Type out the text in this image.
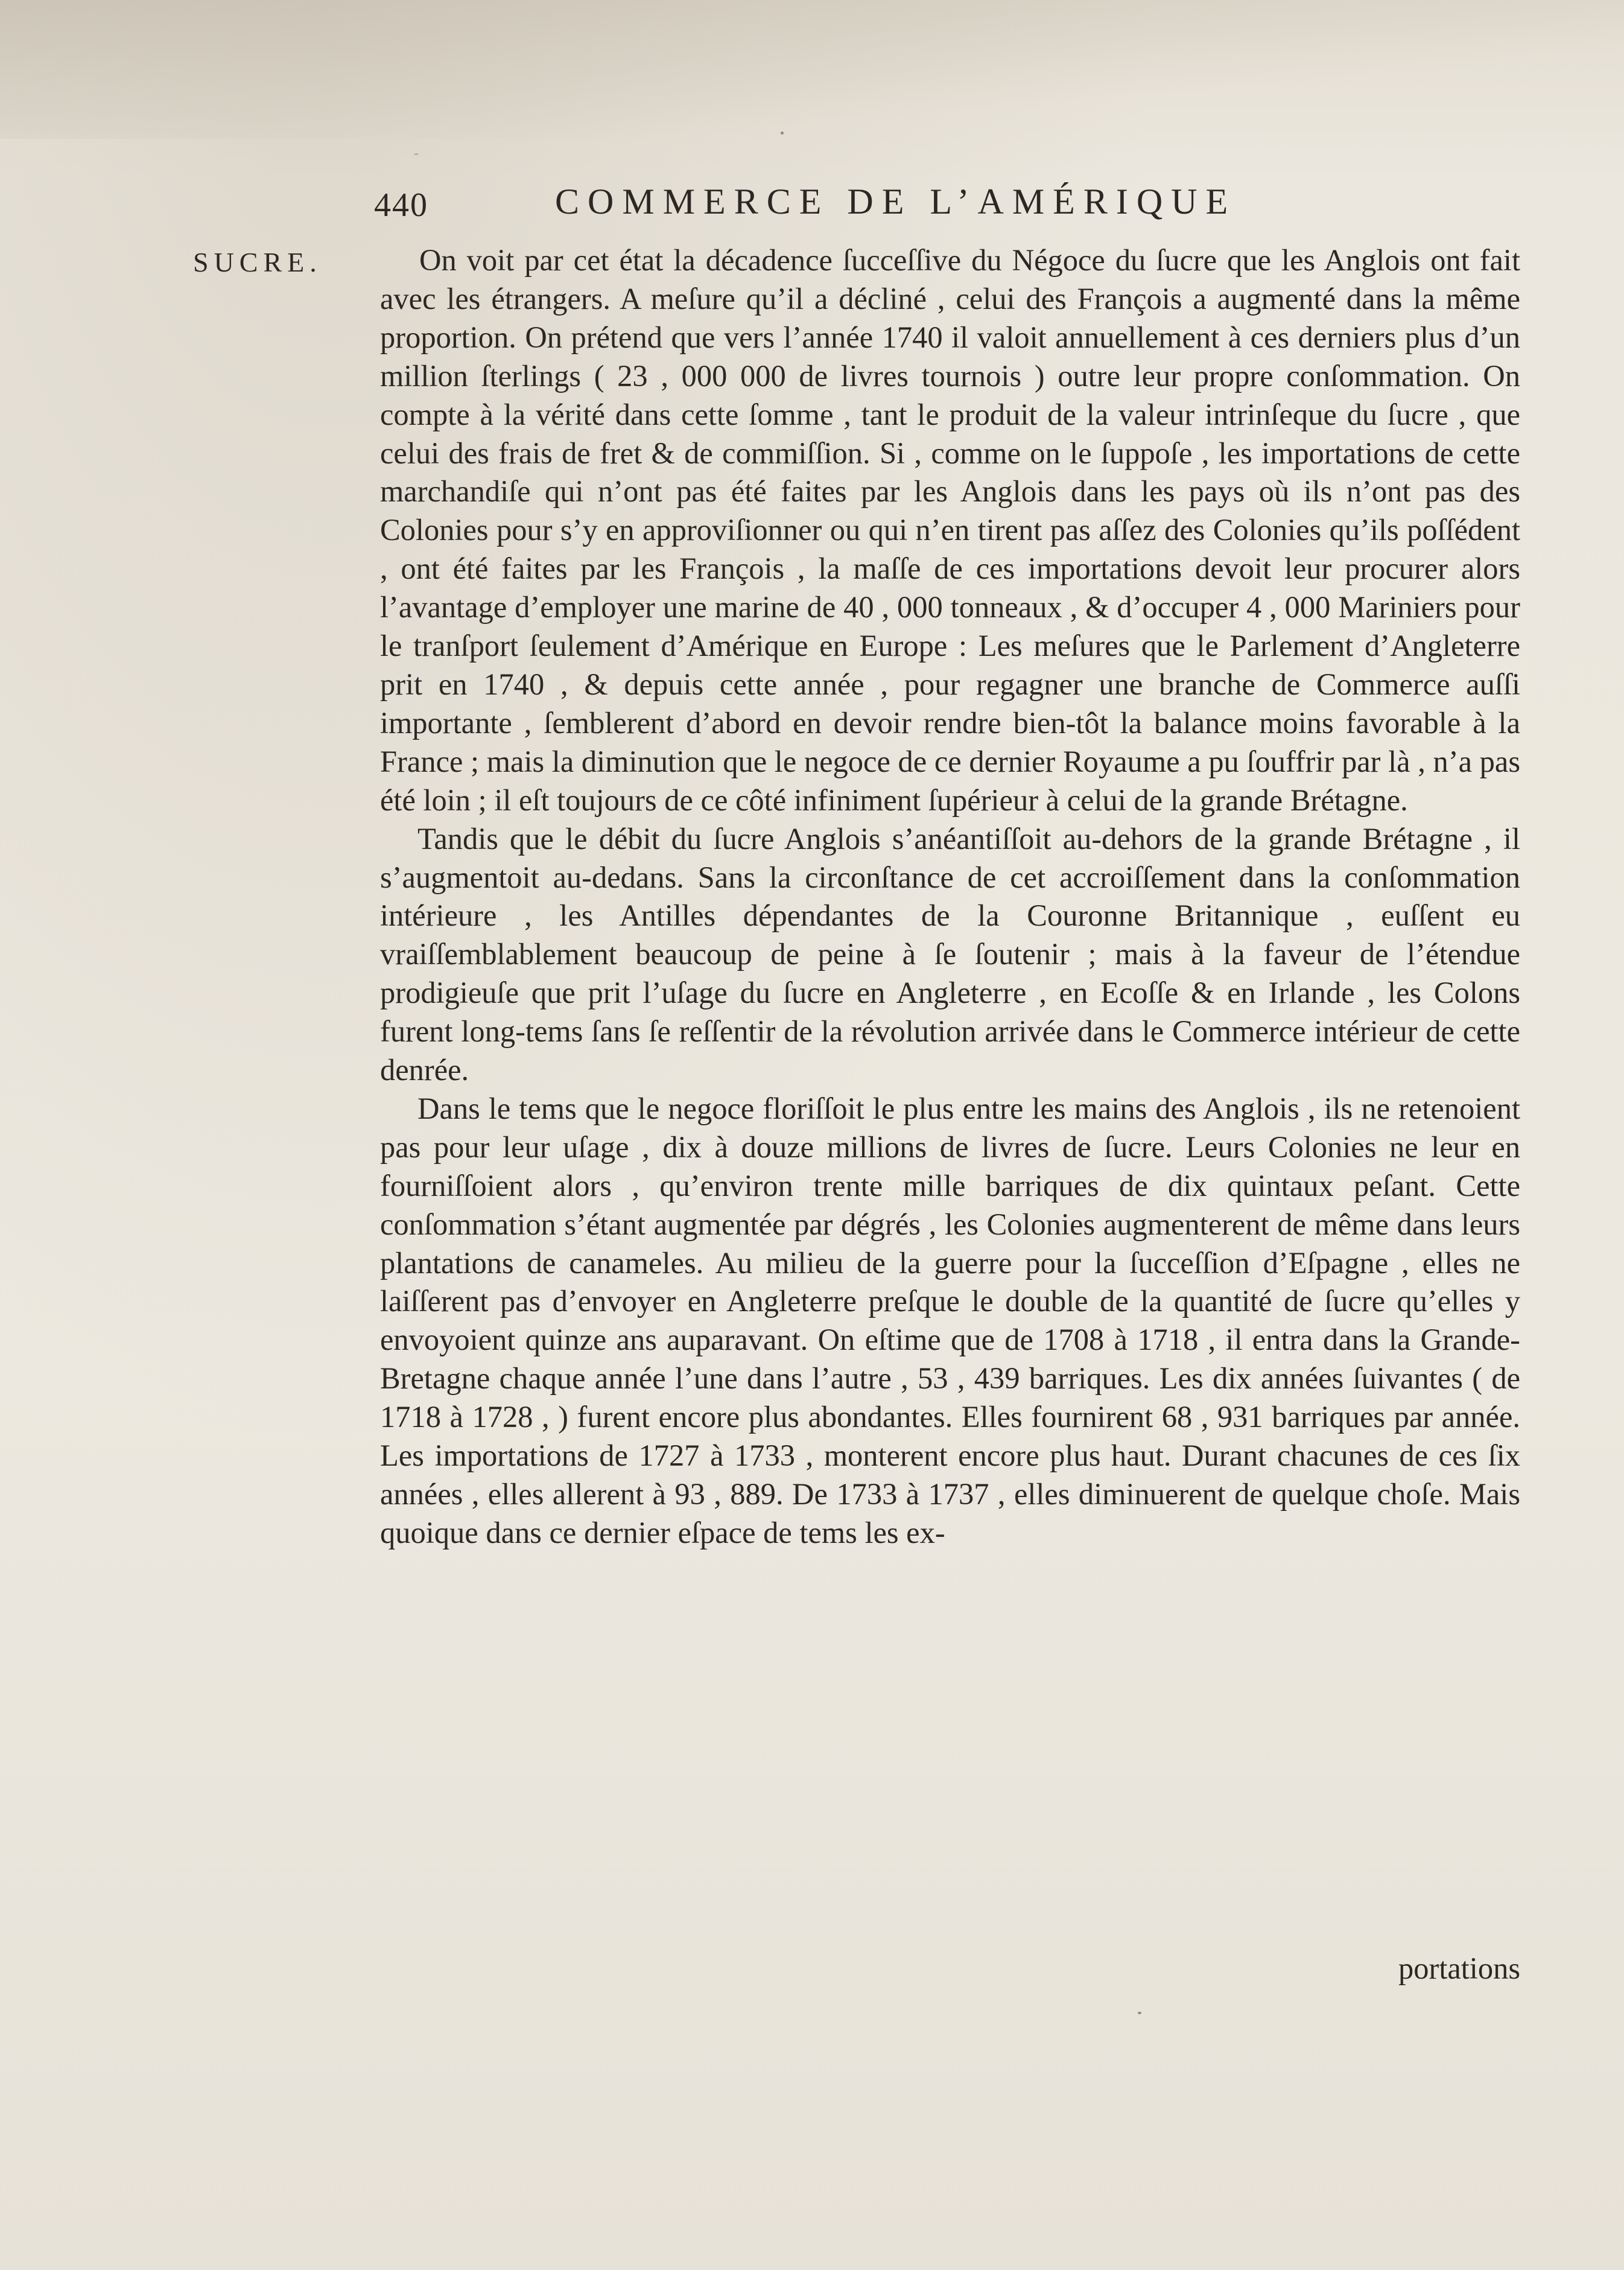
440	COMMERCE DE L’AMÉRIQUE
SUCRE.	On voit par cet état la décadence ſucceſſive du Négoce du ſucre que les Anglois ont fait avec les étrangers. A meſure qu’il a décliné , celui des François a augmenté dans la même proportion. On prétend que vers l’année 1740 il valoit annuellement à ces derniers plus d’un million ſterlings ( 23 , 000 000 de livres tournois ) outre leur propre conſommation. On compte à la vérité dans cette ſomme , tant le produit de la valeur intrinſeque du ſucre , que celui des frais de fret & de commiſſion. Si , comme on le ſuppoſe , les importations de cette marchandiſe qui n’ont pas été faites par les Anglois dans les pays où ils n’ont pas des Colonies pour s’y en approviſionner ou qui n’en tirent pas aſſez des Colonies qu’ils poſſédent , ont été faites par les François , la maſſe de ces importations devoit leur procurer alors l’avantage d’employer une marine de 40 , 000 tonneaux , & d’occuper 4 , 000 Mariniers pour le tranſport ſeulement d’Amérique en Europe : Les meſures que le Parlement d’Angleterre prit en 1740 , & depuis cette année , pour regagner une branche de Commerce auſſi importante , ſemblerent d’abord en devoir rendre bien-tôt la balance moins favorable à la France ; mais la diminution que le negoce de ce dernier Royaume a pu ſouffrir par là , n’a pas été loin ; il eſt toujours de ce côté infiniment ſupérieur à celui de la grande Brétagne.

Tandis que le débit du ſucre Anglois s’anéantiſſoit au-dehors de la grande Brétagne , il s’augmentoit au-dedans. Sans la circonſtance de cet accroiſſement dans la conſommation intérieure , les Antilles dépendantes de la Couronne Britannique , euſſent eu vraiſſemblablement beaucoup de peine à ſe ſoutenir ; mais à la faveur de l’étendue prodigieuſe que prit l’uſage du ſucre en Angleterre , en Ecoſſe & en Irlande , les Colons furent long-tems ſans ſe reſſentir de la révolution arrivée dans le Commerce intérieur de cette denrée.

Dans le tems que le negoce floriſſoit le plus entre les mains des Anglois , ils ne retenoient pas pour leur uſage , dix à douze millions de livres de ſucre. Leurs Colonies ne leur en fourniſſoient alors , qu’environ trente mille barriques de dix quintaux peſant. Cette conſommation s’étant augmentée par dégrés , les Colonies augmenterent de même dans leurs plantations de canameles. Au milieu de la guerre pour la ſucceſſion d’Eſpagne , elles ne laiſſerent pas d’envoyer en Angleterre preſque le double de la quantité de ſucre qu’elles y envoyoient quinze ans auparavant. On eſtime que de 1708 à 1718 , il entra dans la Grande-Bretagne chaque année l’une dans l’autre , 53 , 439 barriques. Les dix années ſuivantes ( de 1718 à 1728 , ) furent encore plus abondantes. Elles fournirent 68 , 931 barriques par année. Les importations de 1727 à 1733 , monterent encore plus haut. Durant chacunes de ces ſix années , elles allerent à 93 , 889. De 1733 à 1737 , elles diminuerent de quelque choſe. Mais quoique dans ce dernier eſpace de tems les ex-

portations
